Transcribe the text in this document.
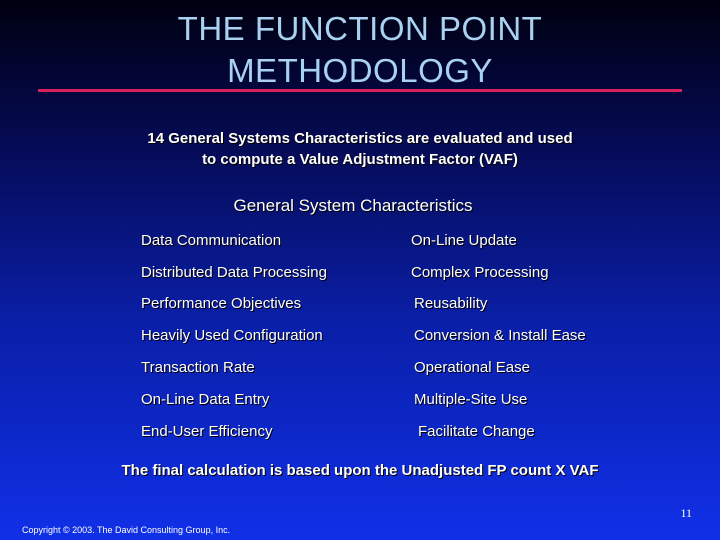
THE FUNCTION POINT
METHODOLOGY
14 General Systems Characteristics are evaluated and used
to compute a Value Adjustment Factor (VAF)
General System Characteristics
Data Communication
Distributed Data Processing
Performance Objectives
Heavily Used Configuration
Transaction Rate
On-Line Data Entry
End-User Efficiency
On-Line Update
Complex Processing
Reusability
Conversion & Install Ease
Operational Ease
Multiple-Site Use
Facilitate Change
The final calculation is based upon the Unadjusted FP count X VAF
11
Copyright © 2003. The David Consulting Group, Inc.
